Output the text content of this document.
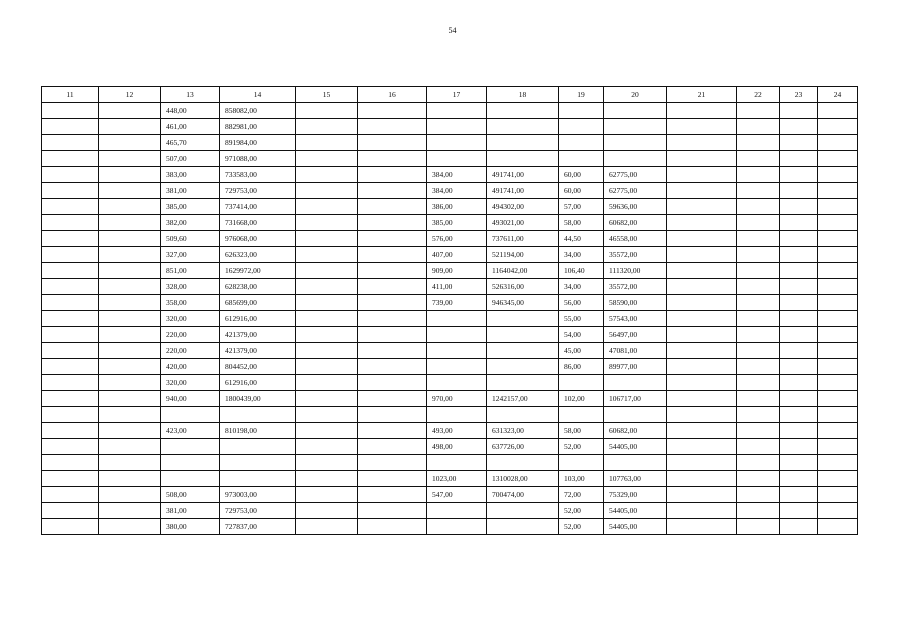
54
11	12	13	14	15	16	17	18	19	20	21	22	23	24
		448,00	858082,00										
		461,00	882981,00										
		465,70	891984,00										
		507,00	971088,00										
		383,00	733583,00			384,00	491741,00	60,00	62775,00				
		381,00	729753,00			384,00	491741,00	60,00	62775,00				
		385,00	737414,00			386,00	494302,00	57,00	59636,00				
		382,00	731668,00			385,00	493021,00	58,00	60682,00				
		509,60	976068,00			576,00	737611,00	44,50	46558,00				
		327,00	626323,00			407,00	521194,00	34,00	35572,00				
		851,00	1629972,00			909,00	1164042,00	106,40	111320,00				
		328,00	628238,00			411,00	526316,00	34,00	35572,00				
		358,00	685699,00			739,00	946345,00	56,00	58590,00				
		320,00	612916,00					55,00	57543,00				
		220,00	421379,00					54,00	56497,00				
		220,00	421379,00					45,00	47081,00				
		420,00	804452,00					86,00	89977,00				
		320,00	612916,00										
		940,00	1800439,00			970,00	1242157,00	102,00	106717,00				

		423,00	810198,00			493,00	631323,00	58,00	60682,00				
						498,00	637726,00	52,00	54405,00				

						1023,00	1310028,00	103,00	107763,00				
		508,00	973003,00			547,00	700474,00	72,00	75329,00				
		381,00	729753,00					52,00	54405,00				
		380,00	727837,00					52,00	54405,00				
